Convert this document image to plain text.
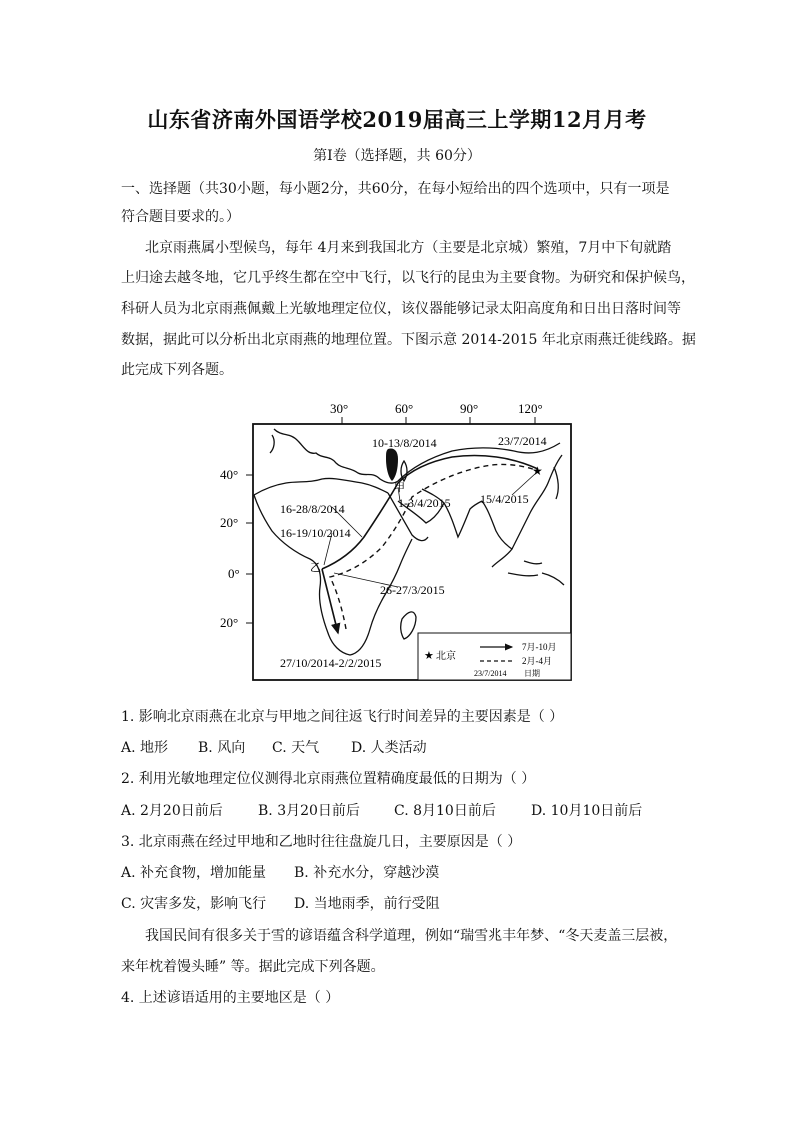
山东省济南外国语学校2019届高三上学期12月月考
第Ⅰ卷（选择题，共 60分）
一、选择题（共30小题，每小题2分，共60分，在每小短给出的四个选项中，只有一项是
符合题目要求的。）
北京雨燕属小型候鸟，每年 4月来到我国北方（主要是北京城）繁殖，7月中下旬就踏
上归途去越冬地，它几乎终生都在空中飞行，以飞行的昆虫为主要食物。为研究和保护候鸟，
科研人员为北京雨燕佩戴上光敏地理定位仪，该仪器能够记录太阳高度角和日出日落时间等
数据，据此可以分析出北京雨燕的地理位置。下图示意 2014-2015 年北京雨燕迁徙线路。据
此完成下列各题。
30°	60°	90°	120°
40°
20°
0°
20°
★
甲
乙
10-13/8/2014	23/7/2014
1-3/4/2015 15/4/2015
16-28/8/2014
16-19/10/2014
26-27/3/2015
27/10/2014-2/2/2015	★ 北京
7月-10月
2月-4月
23/7/2014 日期
1. 影响北京雨燕在北京与甲地之间往返飞行时间差异的主要因素是（ ）
A. 地形 B. 风向 C. 天气 D. 人类活动
2. 利用光敏地理定位仪测得北京雨燕位置精确度最低的日期为（ ）
A. 2月20日前后	B. 3月20日前后 C. 8月10日前后	D. 10月10日前后
3. 北京雨燕在经过甲地和乙地时往往盘旋几日，主要原因是（ ）
A. 补充食物，增加能量 B. 补充水分，穿越沙漠
C. 灾害多发，影响飞行 D. 当地雨季，前行受阻
我国民间有很多关于雪的谚语蕴含科学道理，例如“瑞雪兆丰年梦、“冬天麦盖三层被，
来年枕着馒头睡” 等。据此完成下列各题。
4. 上述谚语适用的主要地区是（ ）
